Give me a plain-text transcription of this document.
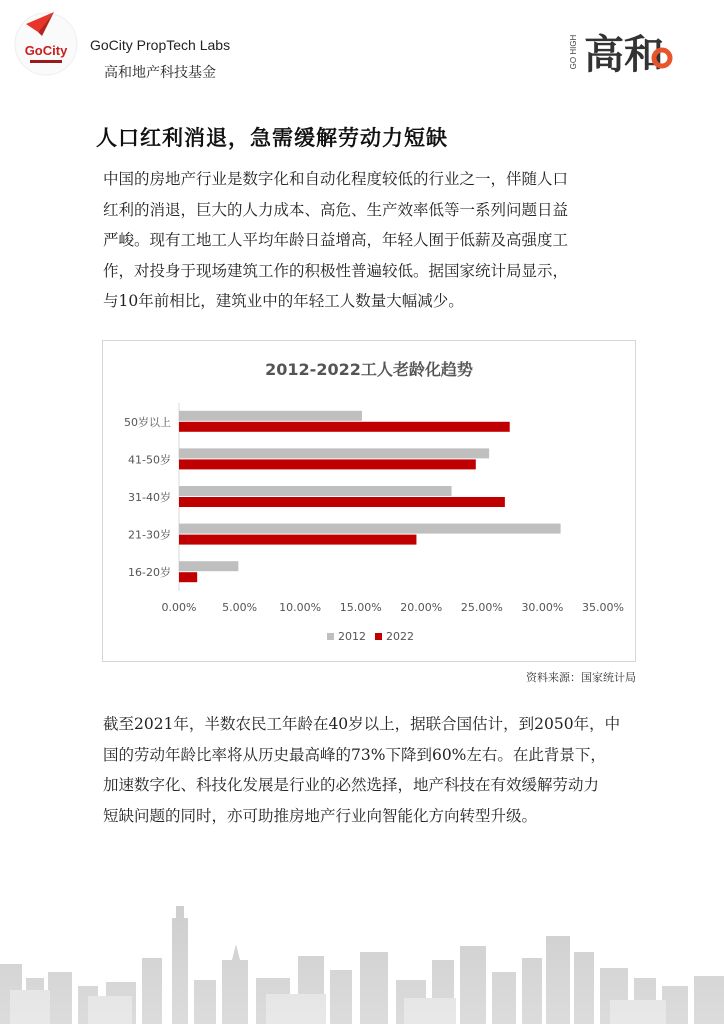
GoCity GoCity PropTech Labs
高和地产科技基金
GO HIGH 高和
人口红利消退，急需缓解劳动力短缺
中国的房地产行业是数字化和自动化程度较低的行业之一，伴随人口
红利的消退，巨大的人力成本、高危、生产效率低等一系列问题日益
严峻。现有工地工人平均年龄日益增高，年轻人囿于低薪及高强度工
作，对投身于现场建筑工作的积极性普遍较低。据国家统计局显示，
与10年前相比，建筑业中的年轻工人数量大幅减少。
2012-2022工人老龄化趋势
0.00% 5.00% 10.00% 15.00% 20.00% 25.00% 30.00% 35.00%
50岁以上
41-50岁
31-40岁
21-30岁
16-20岁
2012 2022
资料来源：国家统计局
截至2021年，半数农民工年龄在40岁以上，据联合国估计，到2050年，中
国的劳动年龄比率将从历史最高峰的73%下降到60%左右。在此背景下，
加速数字化、科技化发展是行业的必然选择，地产科技在有效缓解劳动力
短缺问题的同时，亦可助推房地产行业向智能化方向转型升级。
